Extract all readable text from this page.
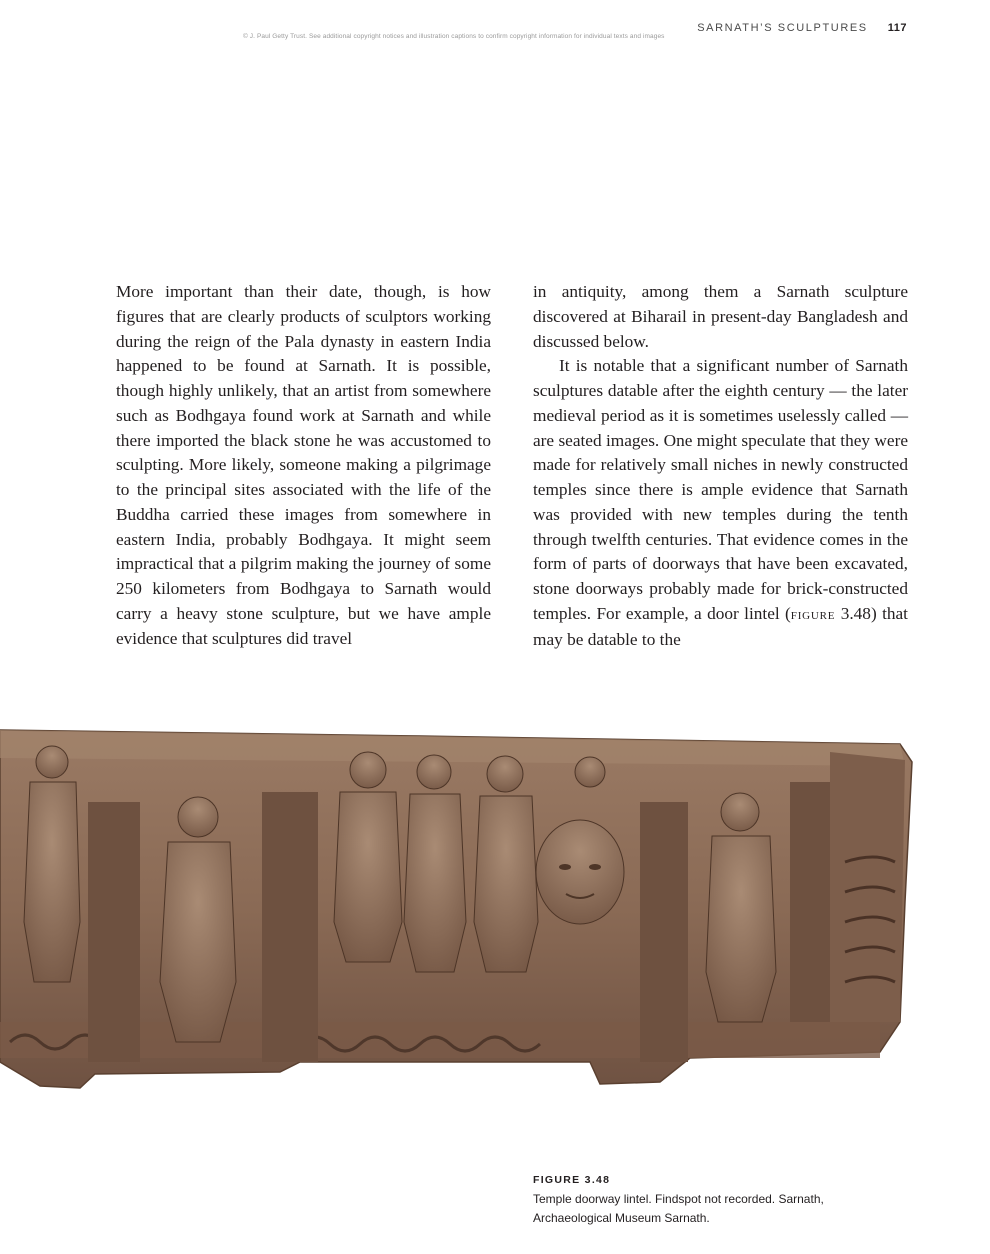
SARNATH’S SCULPTURES 117
© J. Paul Getty Trust. See additional copyright notices and illustration captions to confirm copyright information for individual texts and images

More important than their date, though, is how figures that are clearly products of sculptors working during the reign of the Pala dynasty in eastern India happened to be found at Sarnath. It is possible, though highly unlikely, that an artist from somewhere such as Bodhgaya found work at Sarnath and while there imported the black stone he was accustomed to sculpting. More likely, someone making a pilgrimage to the principal sites associated with the life of the Buddha carried these images from somewhere in eastern India, probably Bodhgaya. It might seem impractical that a pilgrim making the journey of some 250 kilometers from Bodhgaya to Sarnath would carry a heavy stone sculpture, but we have ample evidence that sculptures did travel

in antiquity, among them a Sarnath sculpture discovered at Biharail in present-day Bangladesh and discussed below.

It is notable that a significant number of Sarnath sculptures datable after the eighth century — the later medieval period as it is sometimes uselessly called — are seated images. One might speculate that they were made for relatively small niches in newly constructed temples since there is ample evidence that Sarnath was provided with new temples during the tenth through twelfth centuries. That evidence comes in the form of parts of doorways that have been excavated, stone doorways probably made for brick-constructed temples. For example, a door lintel (figure 3.48) that may be datable to the

FIGURE 3.48
Temple doorway lintel. Findspot not recorded. Sarnath,
Archaeological Museum Sarnath.
